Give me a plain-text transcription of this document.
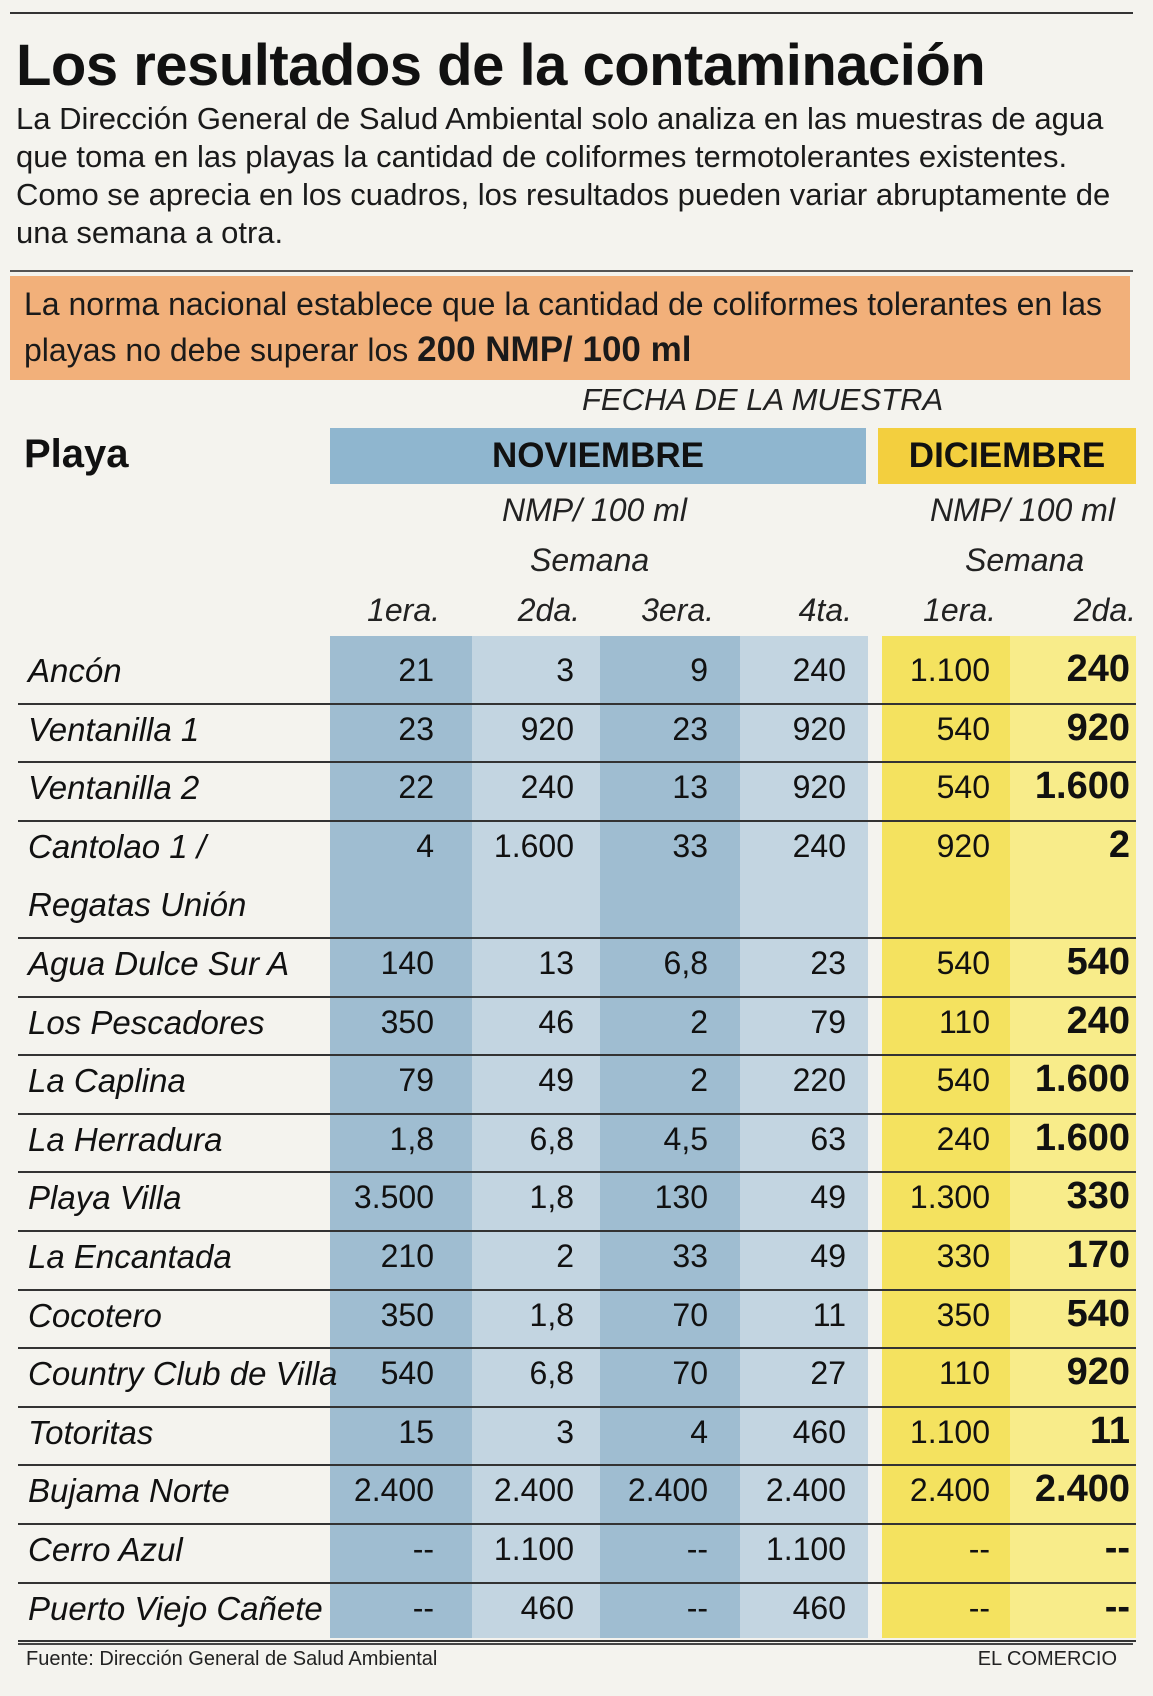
Los resultados de la contaminación

La Dirección General de Salud Ambiental solo analiza en las muestras de agua que toma en las playas la cantidad de coliformes termotolerantes existentes. Como se aprecia en los cuadros, los resultados pueden variar abruptamente de una semana a otra.

La norma nacional establece que la cantidad de coliformes tolerantes en las playas no debe superar los 200 NMP/ 100 ml
FECHA DE LA MUESTRA
Playa	NOVIEMBRE	DICIEMBRE
NMP/ 100 ml
Semana
NMP/ 100 ml
Semana
1era.	2da. 3era.	4ta. 1era.	2da.
Ancón	21	3	9	240	1.100	240
Ventanilla 1	23	920	23	920	540	920
Ventanilla 2	22	240	13	920	540	1.600
Cantolao 1 /
Regatas Unión
4	1.600	33	240	920	2
Agua Dulce Sur A	140	13	6,8	23	540	540
Los Pescadores	350	46	2	79	110	240
La Caplina	79	49	2	220	540	1.600
La Herradura	1,8	6,8	4,5	63	240	1.600
Playa Villa	3.500	1,8	130	49	1.300	330
La Encantada	210	2	33	49	330	170
Cocotero	350	1,8	70	11	350	540
Country Club de Villa	540	6,8	70	27	110	920
Totoritas	15	3	4	460	1.100	11
Bujama Norte	2.400	2.400	2.400	2.400	2.400	2.400
Cerro Azul	--	1.100	--	1.100	--	--
Puerto Viejo Cañete	--	460	--	460	--	--
Fuente: Dirección General de Salud Ambiental	EL COMERCIO
